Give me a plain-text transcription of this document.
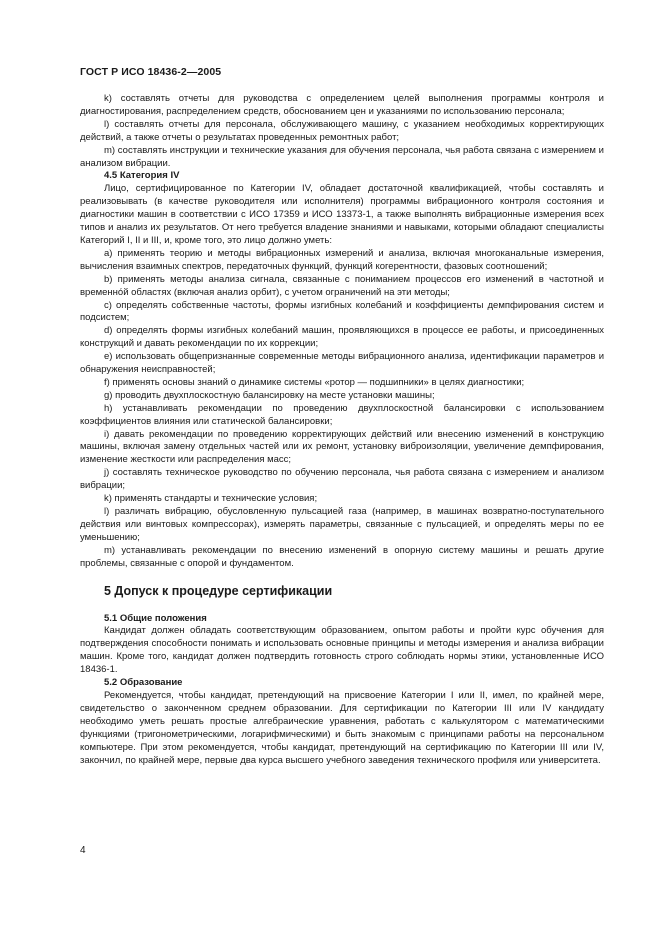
ГОСТ Р ИСО 18436-2—2005

k) составлять отчеты для руководства с определением целей выполнения программы контроля и диагностирования, распределением средств, обоснованием цен и указаниями по использованию персонала;

l) составлять отчеты для персонала, обслуживающего машину, с указанием необходимых корректирующих действий, а также отчеты о результатах проведенных ремонтных работ;

m) составлять инструкции и технические указания для обучения персонала, чья работа связана с измерением и анализом вибрации.

4.5 Категория IV

Лицо, сертифицированное по Категории IV, обладает достаточной квалификацией, чтобы составлять и реализовывать (в качестве руководителя или исполнителя) программы вибрационного контроля состояния и диагностики машин в соответствии с ИСО 17359 и ИСО 13373-1, а также выполнять вибрационные измерения всех типов и анализ их результатов. От него требуется владение знаниями и навыками, которыми обладают специалисты Категорий I, II и III, и, кроме того, это лицо должно уметь:

a) применять теорию и методы вибрационных измерений и анализа, включая многоканальные измерения, вычисления взаимных спектров, передаточных функций, функций когерентности, фазовых соотношений;

b) применять методы анализа сигнала, связанные с пониманием процессов его изменений в частотной и временно́й областях (включая анализ орбит), с учетом ограничений на эти методы;

c) определять собственные частоты, формы изгибных колебаний и коэффициенты демпфирования систем и подсистем;

d) определять формы изгибных колебаний машин, проявляющихся в процессе ее работы, и присоединенных конструкций и давать рекомендации по их коррекции;

e) использовать общепризнанные современные методы вибрационного анализа, идентификации параметров и обнаружения неисправностей;

f) применять основы знаний о динамике системы «ротор — подшипники» в целях диагностики;

g) проводить двухплоскостную балансировку на месте установки машины;

h) устанавливать рекомендации по проведению двухплоскостной балансировки с использованием коэффициентов влияния или статической балансировки;

i) давать рекомендации по проведению корректирующих действий или внесению изменений в конструкцию машины, включая замену отдельных частей или их ремонт, установку виброизоляции, увеличение демпфирования, изменение жесткости или распределения масс;

j) составлять техническое руководство по обучению персонала, чья работа связана с измерением и анализом вибрации;

k) применять стандарты и технические условия;

l) различать вибрацию, обусловленную пульсацией газа (например, в машинах возвратно-поступательного действия или винтовых компрессорах), измерять параметры, связанные с пульсацией, и определять меры по ее уменьшению;

m) устанавливать рекомендации по внесению изменений в опорную систему машины и решать другие проблемы, связанные с опорой и фундаментом.

5 Допуск к процедуре сертификации

5.1 Общие положения

Кандидат должен обладать соответствующим образованием, опытом работы и пройти курс обучения для подтверждения способности понимать и использовать основные принципы и методы измерения и анализа вибрации машин. Кроме того, кандидат должен подтвердить готовность строго соблюдать нормы этики, установленные ИСО 18436-1.

5.2 Образование

Рекомендуется, чтобы кандидат, претендующий на присвоение Категории I или II, имел, по крайней мере, свидетельство о законченном среднем образовании. Для сертификации по Категории III или IV кандидату необходимо уметь решать простые алгебраические уравнения, работать с калькулятором с математическими функциями (тригонометрическими, логарифмическими) и быть знакомым с принципами работы на персональном компьютере. При этом рекомендуется, чтобы кандидат, претендующий на сертификацию по Категории III или IV, закончил, по крайней мере, первые два курса высшего учебного заведения технического профиля или университета.

4
